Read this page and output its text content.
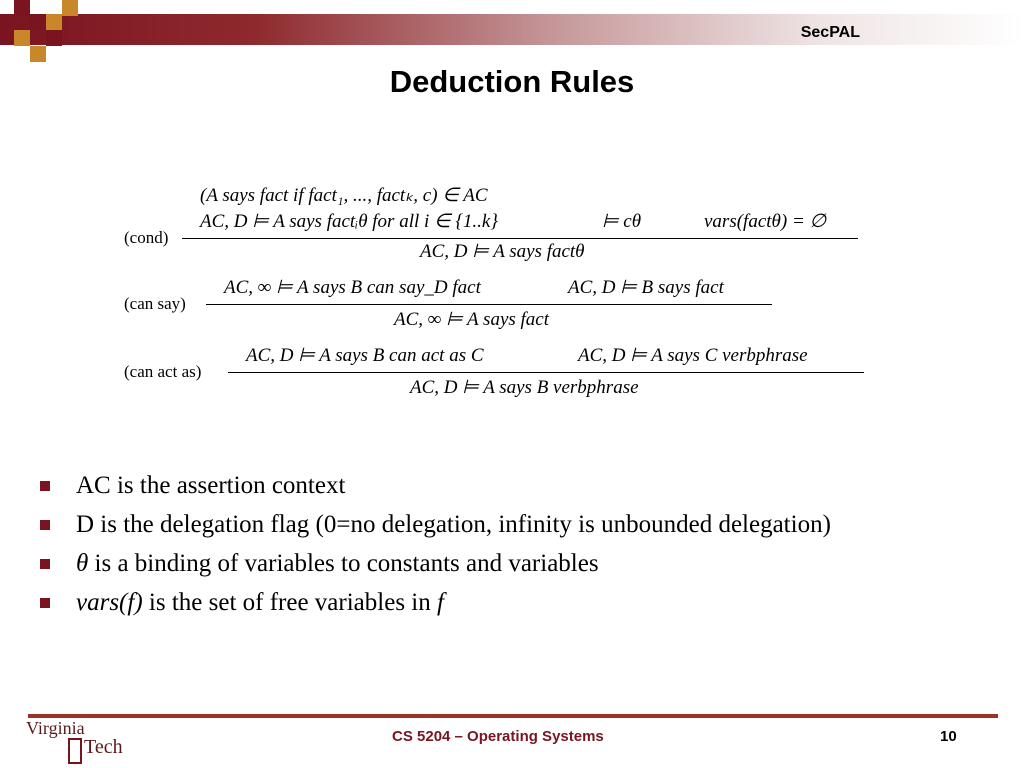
SecPAL
Deduction Rules
(cond)
(A says fact if fact₁, ..., factₖ, c) ∈ AC
AC, D ⊨ A says factᵢθ for all i ∈ {1..k}	⊨ cθ	vars(factθ) = ∅
AC, D ⊨ A says factθ
(can say)
AC, ∞ ⊨ A says B can say_D fact	AC, D ⊨ B says fact
AC, ∞ ⊨ A says fact
(can act as)
AC, D ⊨ A says B can act as C	AC, D ⊨ A says C verbphrase
AC, D ⊨ A says B verbphrase
AC is the assertion context
D is the delegation flag (0=no delegation, infinity is unbounded delegation)
θ is a binding of variables to constants and variables
vars(f) is the set of free variables in f
Virginia
Tech	CS 5204 – Operating Systems	10
